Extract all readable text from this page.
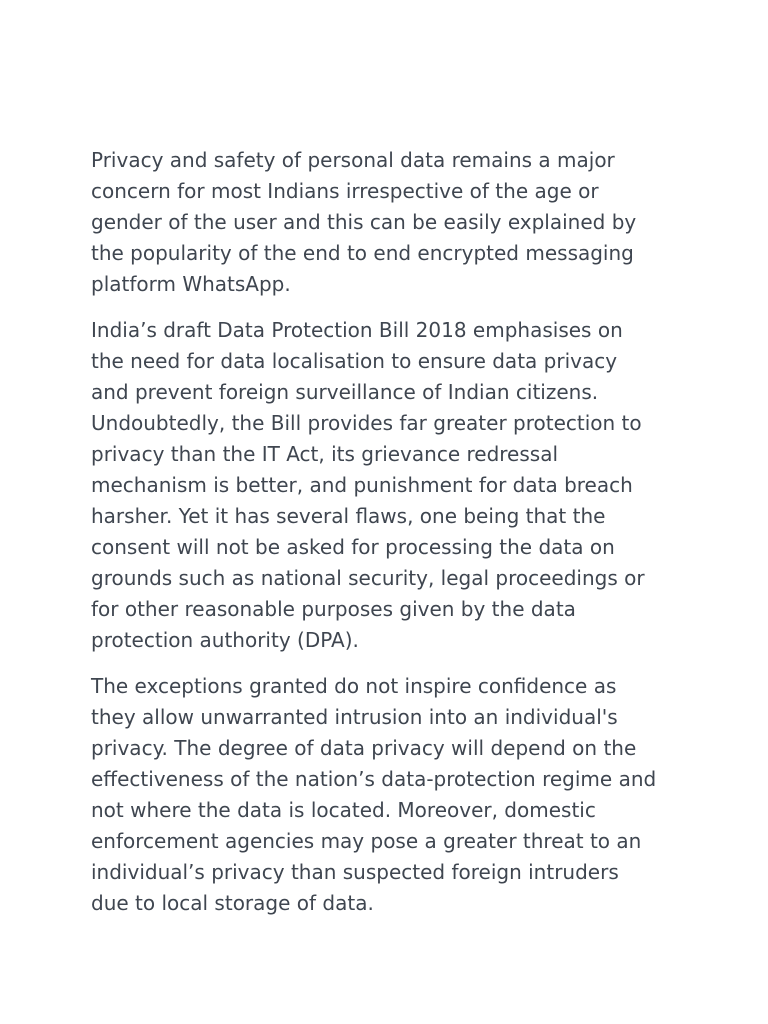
Privacy and safety of personal data remains a major
concern for most Indians irrespective of the age or
gender of the user and this can be easily explained by
the popularity of the end to end encrypted messaging
platform WhatsApp.

India’s draft Data Protection Bill 2018 emphasises on
the need for data localisation to ensure data privacy
and prevent foreign surveillance of Indian citizens.
Undoubtedly, the Bill provides far greater protection to
privacy than the IT Act, its grievance redressal
mechanism is better, and punishment for data breach
harsher. Yet it has several flaws, one being that the
consent will not be asked for processing the data on
grounds such as national security, legal proceedings or
for other reasonable purposes given by the data
protection authority (DPA).

The exceptions granted do not inspire confidence as
they allow unwarranted intrusion into an individual's
privacy. The degree of data privacy will depend on the
effectiveness of the nation’s data-protection regime and
not where the data is located. Moreover, domestic
enforcement agencies may pose a greater threat to an
individual’s privacy than suspected foreign intruders
due to local storage of data.
